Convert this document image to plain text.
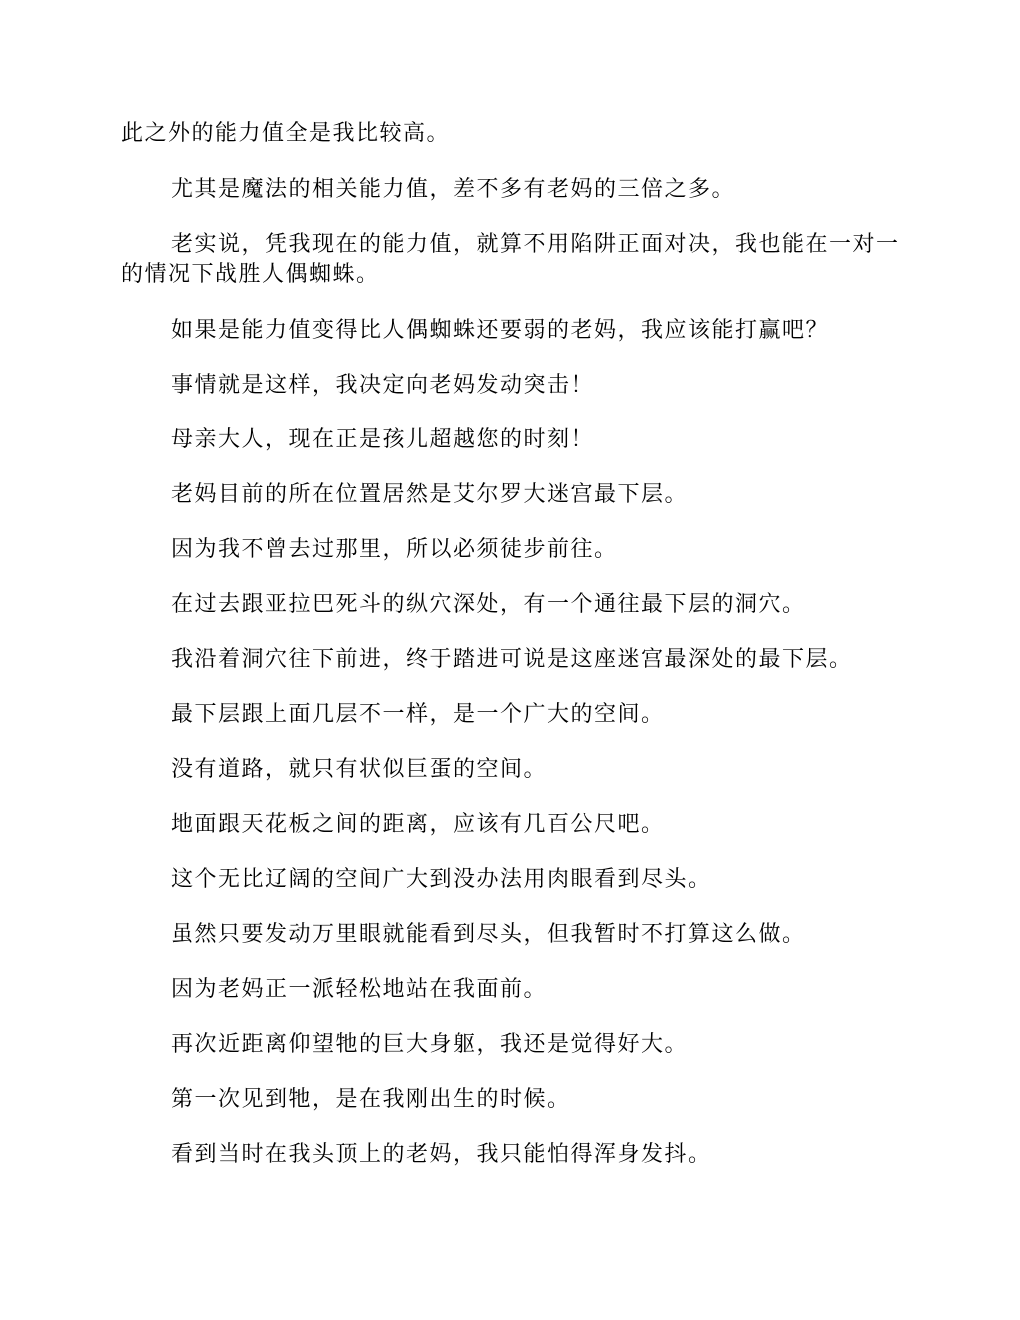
此之外的能力值全是我比较高。

尤其是魔法的相关能力值，差不多有老妈的三倍之多。

老实说，凭我现在的能力值，就算不用陷阱正面对决，我也能在一对一的情况下战胜人偶蜘蛛。

如果是能力值变得比人偶蜘蛛还要弱的老妈，我应该能打赢吧？

事情就是这样，我决定向老妈发动突击！

母亲大人，现在正是孩儿超越您的时刻！

老妈目前的所在位置居然是艾尔罗大迷宫最下层。

因为我不曾去过那里，所以必须徒步前往。

在过去跟亚拉巴死斗的纵穴深处，有一个通往最下层的洞穴。

我沿着洞穴往下前进，终于踏进可说是这座迷宫最深处的最下层。

最下层跟上面几层不一样，是一个广大的空间。

没有道路，就只有状似巨蛋的空间。

地面跟天花板之间的距离，应该有几百公尺吧。

这个无比辽阔的空间广大到没办法用肉眼看到尽头。

虽然只要发动万里眼就能看到尽头，但我暂时不打算这么做。

因为老妈正一派轻松地站在我面前。

再次近距离仰望牠的巨大身躯，我还是觉得好大。

第一次见到牠，是在我刚出生的时候。

看到当时在我头顶上的老妈，我只能怕得浑身发抖。
